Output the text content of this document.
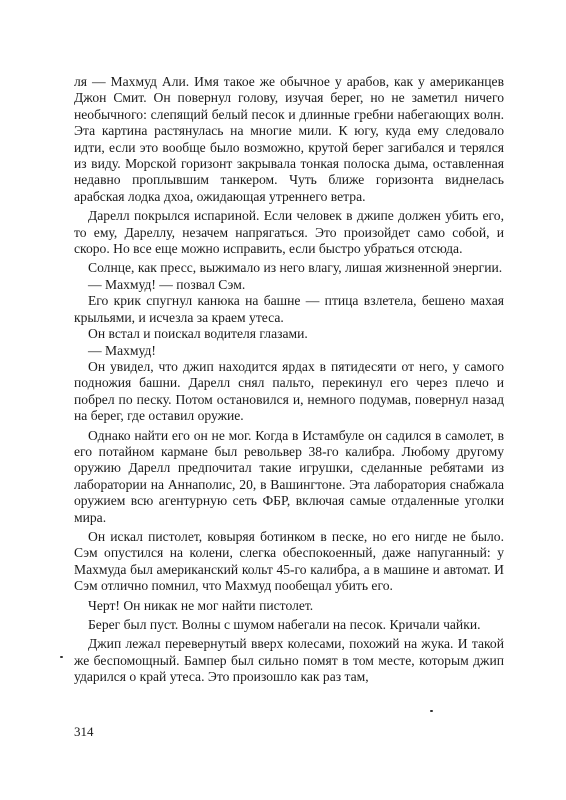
ля — Махмуд Али. Имя такое же обычное у арабов, как у американцев Джон Смит. Он повернул голову, изучая берег, но не заметил ничего необычного: слепящий белый песок и длинные гребни набегающих волн. Эта картина растянулась на многие мили. К югу, куда ему следовало идти, если это вообще было возможно, крутой берег загибался и терялся из виду. Морской горизонт закрывала тонкая полоска дыма, оставленная недавно проплывшим танкером. Чуть ближе горизонта виднелась арабская лодка дхоа, ожидающая утреннего ветра.

Дарелл покрылся испариной. Если человек в джипе должен убить его, то ему, Дареллу, незачем напрягаться. Это произойдет само собой, и скоро. Но все еще можно исправить, если быстро убраться отсюда.

Солнце, как пресс, выжимало из него влагу, лишая жизненной энергии.

— Махмуд! — позвал Сэм.

Его крик спугнул канюка на башне — птица взлетела, бешено махая крыльями, и исчезла за краем утеса.

Он встал и поискал водителя глазами.

— Махмуд!

Он увидел, что джип находится ярдах в пятидесяти от него, у самого подножия башни. Дарелл снял пальто, перекинул его через плечо и побрел по песку. Потом остановился и, немного подумав, повернул назад на берег, где оставил оружие.

Однако найти его он не мог. Когда в Истамбуле он садился в самолет, в его потайном кармане был револьвер 38-го калибра. Любому другому оружию Дарелл предпочитал такие игрушки, сделанные ребятами из лаборатории на Аннаполис, 20, в Вашингтоне. Эта лаборатория снабжала оружием всю агентурную сеть ФБР, включая самые отдаленные уголки мира.

Он искал пистолет, ковыряя ботинком в песке, но его нигде не было. Сэм опустился на колени, слегка обеспокоенный, даже напуганный: у Махмуда был американский кольт 45-го калибра, а в машине и автомат. И Сэм отлично помнил, что Махмуд пообещал убить его.

Черт! Он никак не мог найти пистолет.

Берег был пуст. Волны с шумом набегали на песок. Кричали чайки.

Джип лежал перевернутый вверх колесами, похожий на жука. И такой же беспомощный. Бампер был сильно помят в том месте, которым джип ударился о край утеса. Это произошло как раз там,

314
